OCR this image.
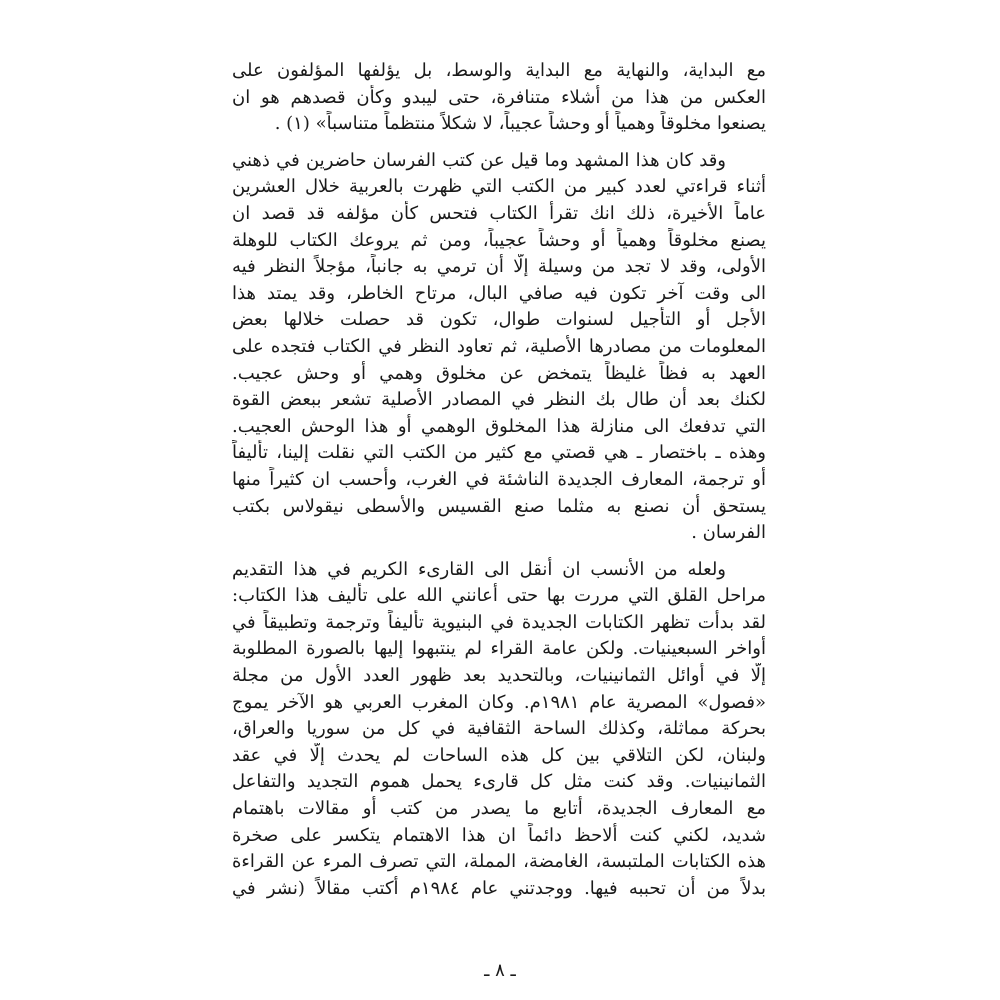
مع البداية، والنهاية مع البداية والوسط، بل يؤلفها المؤلفون على
العكس من هذا من أشلاء متنافرة، حتى ليبدو وكأن قصدهم هو ان
يصنعوا مخلوقاً وهمياً أو وحشاً عجيباً، لا شكلاً منتظماً متناسباً» (١) .
وقد كان هذا المشهد وما قيل عن كتب الفرسان حاضرين في ذهني
أثناء قراءتي لعدد كبير من الكتب التي ظهرت بالعربية خلال العشرين
عاماً الأخيرة، ذلك انك تقرأ الكتاب فتحس كأن مؤلفه قد قصد ان
يصنع مخلوقاً وهمياً أو وحشاً عجيباً، ومن ثم يروعك الكتاب للوهلة
الأولى، وقد لا تجد من وسيلة إلّا أن ترمي به جانباً، مؤجلاً النظر فيه
الى وقت آخر تكون فيه صافي البال، مرتاح الخاطر، وقد يمتد هذا
الأجل أو التأجيل لسنوات طوال، تكون قد حصلت خلالها بعض
المعلومات من مصادرها الأصلية، ثم تعاود النظر في الكتاب فتجده على
العهد به فظاً غليظاً يتمخض عن مخلوق وهمي أو وحش عجيب.
لكنك بعد أن طال بك النظر في المصادر الأصلية تشعر ببعض القوة
التي تدفعك الى منازلة هذا المخلوق الوهمي أو هذا الوحش العجيب.
وهذه ـ باختصار ـ هي قصتي مع كثير من الكتب التي نقلت إلينا، تأليفاً
أو ترجمة، المعارف الجديدة الناشئة في الغرب، وأحسب ان كثيراً منها
يستحق أن نصنع به مثلما صنع القسيس والأسطى نيقولاس بكتب
الفرسان .
ولعله من الأنسب ان أنقل الى القارىء الكريم في هذا التقديم
مراحل القلق التي مررت بها حتى أعانني الله على تأليف هذا الكتاب:
لقد بدأت تظهر الكتابات الجديدة في البنيوية تأليفاً وترجمة وتطبيقاً في
أواخر السبعينيات. ولكن عامة القراء لم ينتبهوا إليها بالصورة المطلوبة
إلّا في أوائل الثمانينيات، وبالتحديد بعد ظهور العدد الأول من مجلة
«فصول» المصرية عام ١٩٨١م. وكان المغرب العربي هو الآخر يموج
بحركة مماثلة، وكذلك الساحة الثقافية في كل من سوريا والعراق،
ولبنان، لكن التلاقي بين كل هذه الساحات لم يحدث إلّا في عقد
الثمانينيات. وقد كنت مثل كل قارىء يحمل هموم التجديد والتفاعل
مع المعارف الجديدة، أتابع ما يصدر من كتب أو مقالات باهتمام
شديد، لكني كنت ألاحظ دائماً ان هذا الاهتمام يتكسر على صخرة
هذه الكتابات الملتبسة، الغامضة، المملة، التي تصرف المرء عن القراءة
بدلاً من أن تحببه فيها. ووجدتني عام ١٩٨٤م أكتب مقالاً (نشر في
ـ ٨ ـ
